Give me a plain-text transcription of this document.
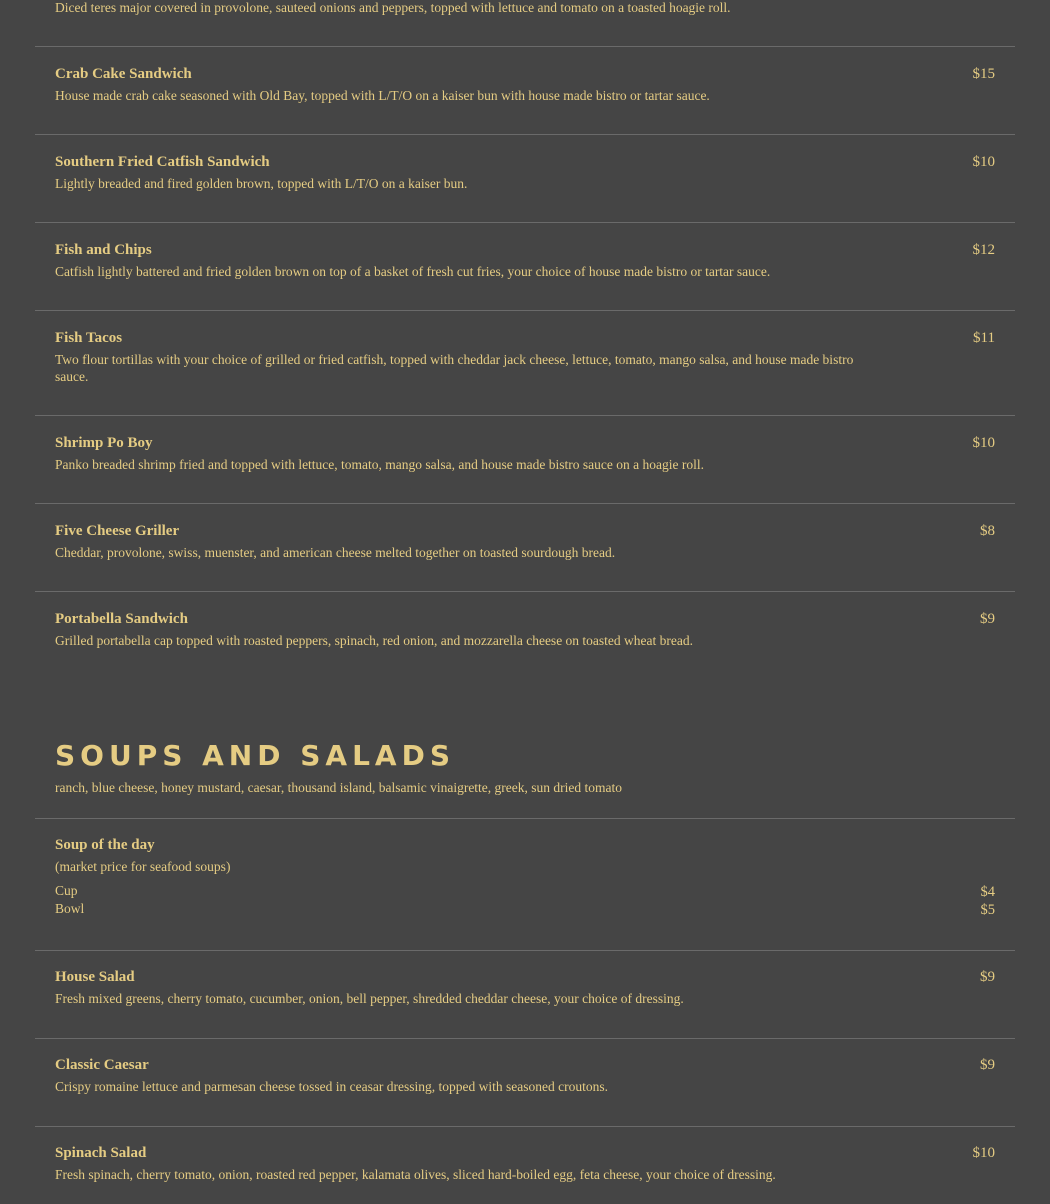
Diced teres major covered in provolone, sauteed onions and peppers, topped with lettuce and tomato on a toasted hoagie roll.
Crab Cake Sandwich	$15
House made crab cake seasoned with Old Bay, topped with L/T/O on a kaiser bun with house made bistro or tartar sauce.
Southern Fried Catfish Sandwich	$10
Lightly breaded and fired golden brown, topped with L/T/O on a kaiser bun.
Fish and Chips	$12
Catfish lightly battered and fried golden brown on top of a basket of fresh cut fries, your choice of house made bistro or tartar sauce.
Fish Tacos	$11
Two flour tortillas with your choice of grilled or fried catfish, topped with cheddar jack cheese, lettuce, tomato, mango salsa, and house made bistro sauce.
Shrimp Po Boy	$10
Panko breaded shrimp fried and topped with lettuce, tomato, mango salsa, and house made bistro sauce on a hoagie roll.
Five Cheese Griller	$8
Cheddar, provolone, swiss, muenster, and american cheese melted together on toasted sourdough bread.
Portabella Sandwich	$9
Grilled portabella cap topped with roasted peppers, spinach, red onion, and mozzarella cheese on toasted wheat bread.
SOUPS AND SALADS
ranch, blue cheese, honey mustard, caesar, thousand island, balsamic vinaigrette, greek, sun dried tomato
Soup of the day
(market price for seafood soups)
Cup	$4
Bowl	$5
House Salad	$9
Fresh mixed greens, cherry tomato, cucumber, onion, bell pepper, shredded cheddar cheese, your choice of dressing.
Classic Caesar	$9
Crispy romaine lettuce and parmesan cheese tossed in ceasar dressing, topped with seasoned croutons.
Spinach Salad	$10
Fresh spinach, cherry tomato, onion, roasted red pepper, kalamata olives, sliced hard-boiled egg, feta cheese, your choice of dressing.
